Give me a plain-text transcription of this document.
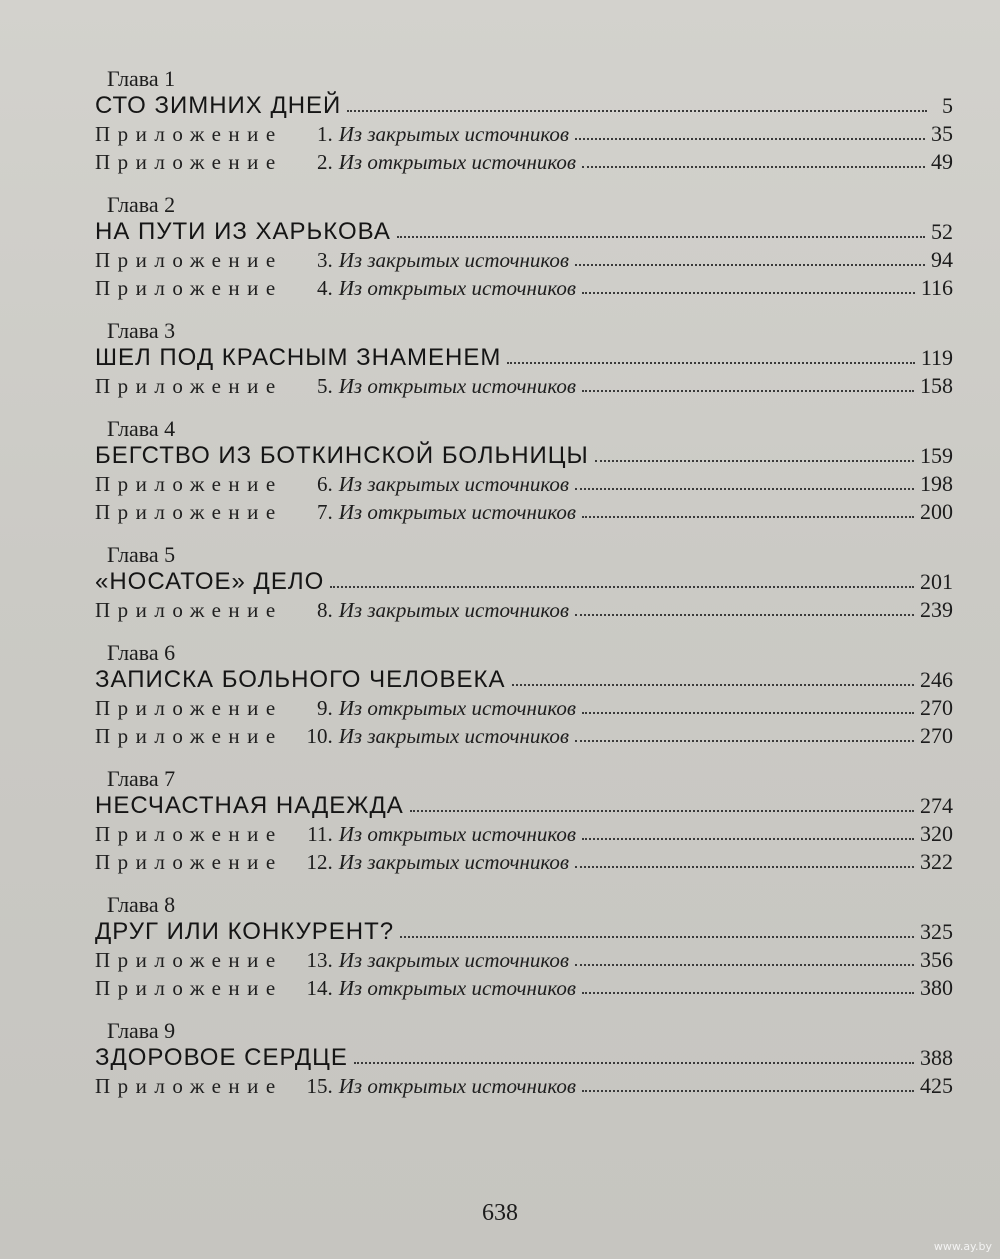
Глава 1
СТО ЗИМНИХ ДНЕЙ	5
Приложение	1. Из закрытых источников	35
Приложение	2. Из открытых источников	49
Глава 2
НА ПУТИ ИЗ ХАРЬКОВА	52
Приложение	3. Из закрытых источников	94
Приложение	4. Из открытых источников	116
Глава 3
ШЕЛ ПОД КРАСНЫМ ЗНАМЕНЕМ	119
Приложение	5. Из открытых источников	158
Глава 4
БЕГСТВО ИЗ БОТКИНСКОЙ БОЛЬНИЦЫ	159
Приложение	6. Из закрытых источников	198
Приложение	7. Из открытых источников	200
Глава 5
«НОСАТОЕ» ДЕЛО	201
Приложение	8. Из закрытых источников	239
Глава 6
ЗАПИСКА БОЛЬНОГО ЧЕЛОВЕКА	246
Приложение	9. Из открытых источников	270
Приложение	10. Из закрытых источников	270
Глава 7
НЕСЧАСТНАЯ НАДЕЖДА	274
Приложение	11. Из открытых источников	320
Приложение	12. Из закрытых источников	322
Глава 8
ДРУГ ИЛИ КОНКУРЕНТ?	325
Приложение	13. Из закрытых источников	356
Приложение	14. Из открытых источников	380
Глава 9
ЗДОРОВОЕ СЕРДЦЕ	388
Приложение	15. Из открытых источников	425
638
www.ay.by
